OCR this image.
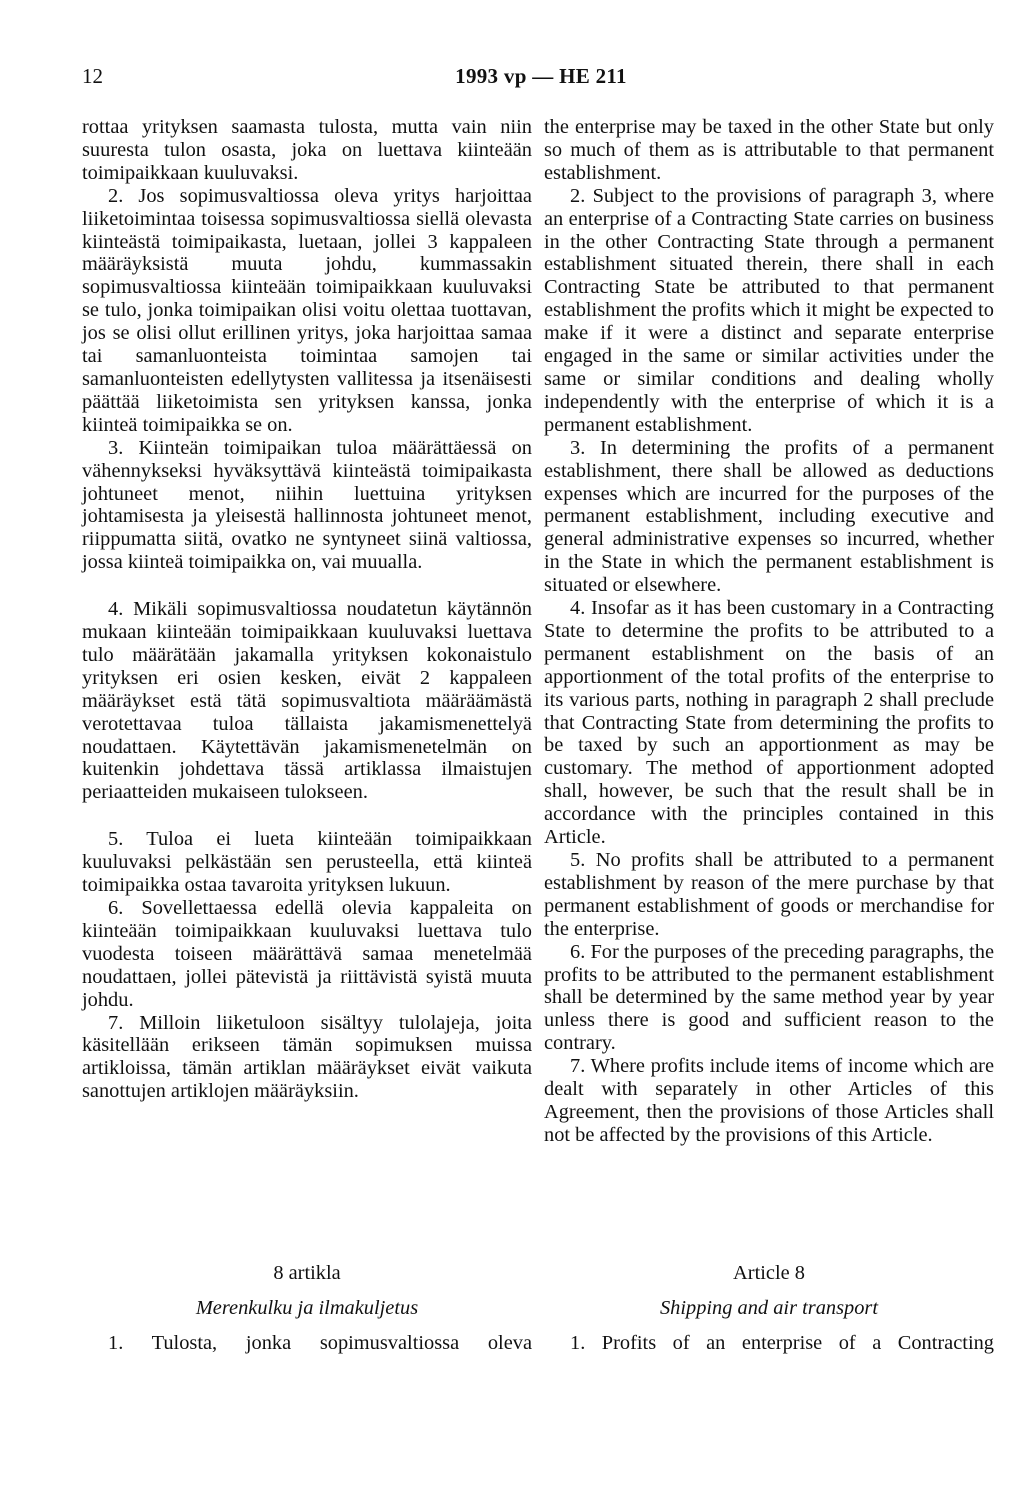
12	1993 vp — HE 211

rottaa yrityksen saamasta tulosta, mutta vain niin suuresta tulon osasta, joka on luettava kiinteään toimipaikkaan kuuluvaksi.

2. Jos sopimusvaltiossa oleva yritys harjoittaa liiketoimintaa toisessa sopimusvaltiossa siellä olevasta kiinteästä toimipaikasta, luetaan, jollei 3 kappaleen määräyksistä muuta johdu, kummassakin sopimusvaltiossa kiinteään toimipaikkaan kuuluvaksi se tulo, jonka toimipaikan olisi voitu olettaa tuottavan, jos se olisi ollut erillinen yritys, joka harjoittaa samaa tai samanluonteista toimintaa samojen tai samanluonteisten edellytysten vallitessa ja itsenäisesti päättää liiketoimista sen yrityksen kanssa, jonka kiinteä toimipaikka se on.

3. Kiinteän toimipaikan tuloa määrättäessä on vähennykseksi hyväksyttävä kiinteästä toimipaikasta johtuneet menot, niihin luettuina yrityksen johtamisesta ja yleisestä hallinnosta johtuneet menot, riippumatta siitä, ovatko ne syntyneet siinä valtiossa, jossa kiinteä toimipaikka on, vai muualla.

4. Mikäli sopimusvaltiossa noudatetun käytännön mukaan kiinteään toimipaikkaan kuuluvaksi luettava tulo määrätään jakamalla yrityksen kokonaistulo yrityksen eri osien kesken, eivät 2 kappaleen määräykset estä tätä sopimusvaltiota määräämästä verotettavaa tuloa tällaista jakamismenettelyä noudattaen. Käytettävän jakamismenetelmän on kuitenkin johdettava tässä artiklassa ilmaistujen periaatteiden mukaiseen tulokseen.

5. Tuloa ei lueta kiinteään toimipaikkaan kuuluvaksi pelkästään sen perusteella, että kiinteä toimipaikka ostaa tavaroita yrityksen lukuun.

6. Sovellettaessa edellä olevia kappaleita on kiinteään toimipaikkaan kuuluvaksi luettava tulo vuodesta toiseen määrättävä samaa menetelmää noudattaen, jollei pätevistä ja riittävistä syistä muuta johdu.

7. Milloin liiketuloon sisältyy tulolajeja, joita käsitellään erikseen tämän sopimuksen muissa artikloissa, tämän artiklan määräykset eivät vaikuta sanottujen artiklojen määräyksiin.

the enterprise may be taxed in the other State but only so much of them as is attributable to that permanent establishment.

2. Subject to the provisions of paragraph 3, where an enterprise of a Contracting State carries on business in the other Contracting State through a permanent establishment situated therein, there shall in each Contracting State be attributed to that permanent establishment the profits which it might be expected to make if it were a distinct and separate enterprise engaged in the same or similar activities under the same or similar conditions and dealing wholly independently with the enterprise of which it is a permanent establishment.

3. In determining the profits of a permanent establishment, there shall be allowed as deductions expenses which are incurred for the purposes of the permanent establishment, including executive and general administrative expenses so incurred, whether in the State in which the permanent establishment is situated or elsewhere.

4. Insofar as it has been customary in a Contracting State to determine the profits to be attributed to a permanent establishment on the basis of an apportionment of the total profits of the enterprise to its various parts, nothing in paragraph 2 shall preclude that Contracting State from determining the profits to be taxed by such an apportionment as may be customary. The method of apportionment adopted shall, however, be such that the result shall be in accordance with the principles contained in this Article.

5. No profits shall be attributed to a permanent establishment by reason of the mere purchase by that permanent establishment of goods or merchandise for the enterprise.

6. For the purposes of the preceding paragraphs, the profits to be attributed to the permanent establishment shall be determined by the same method year by year unless there is good and sufficient reason to the contrary.

7. Where profits include items of income which are dealt with separately in other Articles of this Agreement, then the provisions of those Articles shall not be affected by the provisions of this Article.

8 artikla

Merenkulku ja ilmakuljetus

1. Tulosta, jonka sopimusvaltiossa oleva

Article 8

Shipping and air transport

1. Profits of an enterprise of a Contracting
